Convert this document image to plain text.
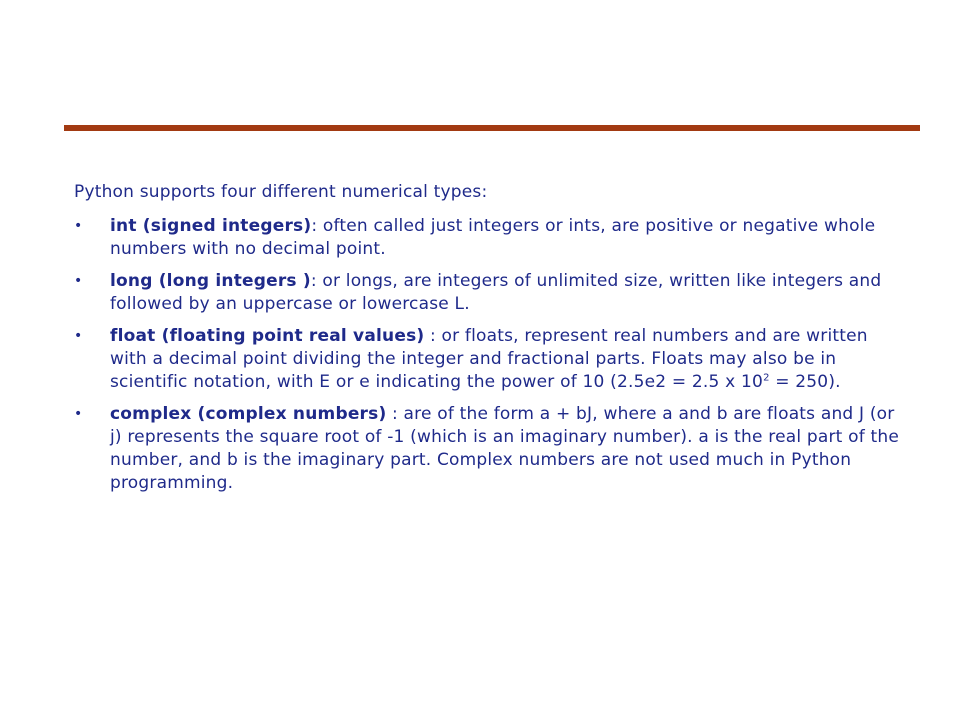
Python supports four different numerical types:

• int (signed integers): often called just integers or ints, are positive or negative whole numbers with no decimal point.
• long (long integers ): or longs, are integers of unlimited size, written like integers and followed by an uppercase or lowercase L.
• float (floating point real values) : or floats, represent real numbers and are written with a decimal point dividing the integer and fractional parts. Floats may also be in scientific notation, with E or e indicating the power of 10 (2.5e2 = 2.5 x $10^2 = 250$).
• complex (complex numbers) : are of the form a + bJ, where a and b are floats and J (or j) represents the square root of -1 (which is an imaginary number). a is the real part of the number, and b is the imaginary part. Complex numbers are not used much in Python programming.
